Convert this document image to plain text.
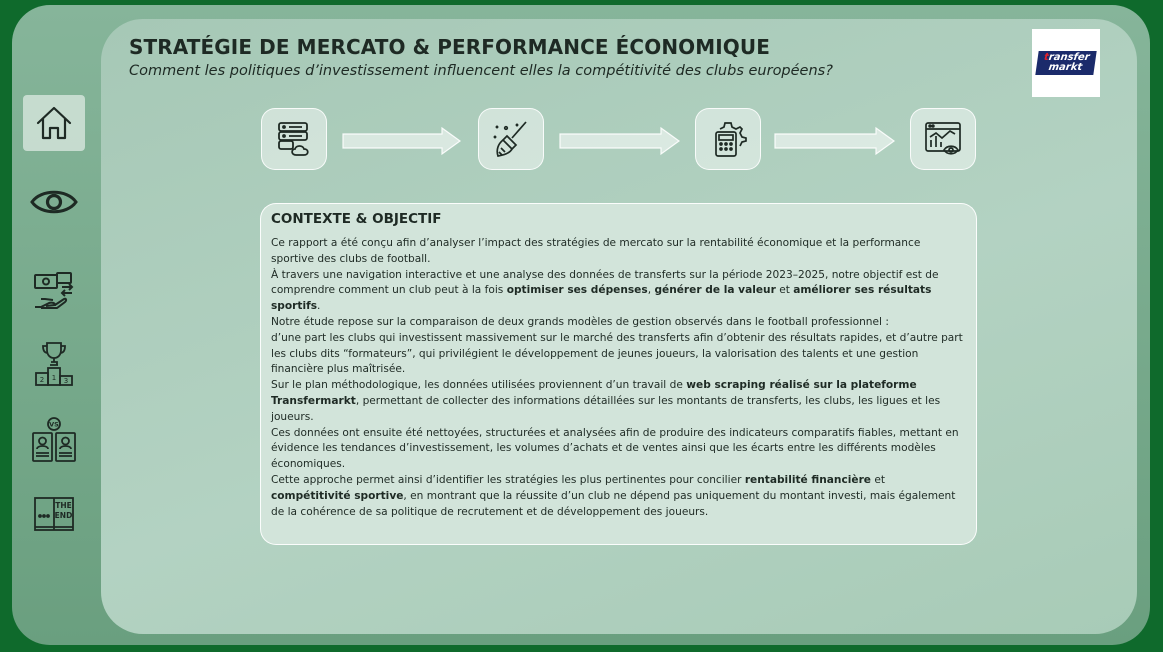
1
2	3
VS
THE
END
STRATÉGIE DE MERCATO & PERFORMANCE ÉCONOMIQUE
Comment les politiques d’investissement influencent elles la compétitivité des clubs européens?
transfer
markt
CONTEXTE & OBJECTIF

Ce rapport a été conçu afin d’analyser l’impact des stratégies de mercato sur la rentabilité économique et la performance sportive des clubs de football.

À travers une navigation interactive et une analyse des données de transferts sur la période 2023–2025, notre objectif est de comprendre comment un club peut à la fois optimiser ses dépenses, générer de la valeur et améliorer ses résultats sportifs.

Notre étude repose sur la comparaison de deux grands modèles de gestion observés dans le football professionnel :

d’une part les clubs qui investissent massivement sur le marché des transferts afin d’obtenir des résultats rapides, et d’autre part les clubs dits “formateurs”, qui privilégient le développement de jeunes joueurs, la valorisation des talents et une gestion financière plus maîtrisée.

Sur le plan méthodologique, les données utilisées proviennent d’un travail de web scraping réalisé sur la plateforme Transfermarkt, permettant de collecter des informations détaillées sur les montants de transferts, les clubs, les ligues et les joueurs.

Ces données ont ensuite été nettoyées, structurées et analysées afin de produire des indicateurs comparatifs fiables, mettant en évidence les tendances d’investissement, les volumes d’achats et de ventes ainsi que les écarts entre les différents modèles économiques.

Cette approche permet ainsi d’identifier les stratégies les plus pertinentes pour concilier rentabilité financière et compétitivité sportive, en montrant que la réussite d’un club ne dépend pas uniquement du montant investi, mais également de la cohérence de sa politique de recrutement et de développement des joueurs.
